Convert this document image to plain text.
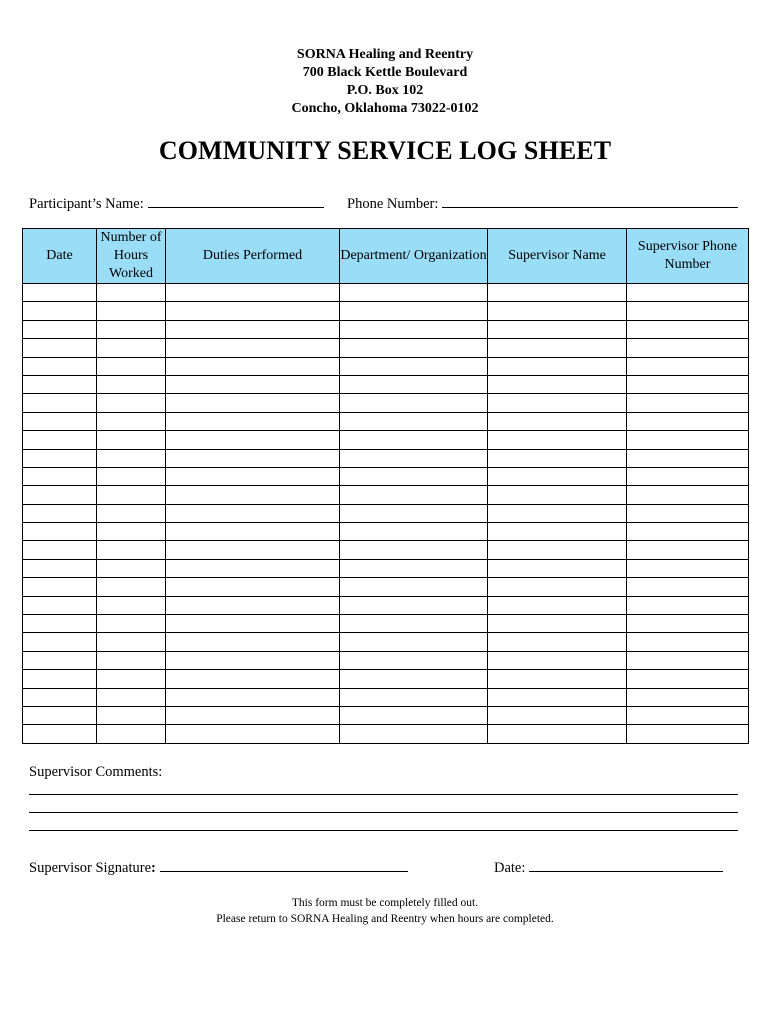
SORNA Healing and Reentry
700 Black Kettle Boulevard
P.O. Box 102
Concho, Oklahoma 73022-0102
COMMUNITY SERVICE LOG SHEET
Participant’s Name:	Phone Number:
Date	Number of Hours Worked	Duties Performed	Department/ Organization	Supervisor Name	Supervisor Phone Number

Supervisor Comments:
Supervisor Signature:	Date:
This form must be completely filled out.
Please return to SORNA Healing and Reentry when hours are completed.
